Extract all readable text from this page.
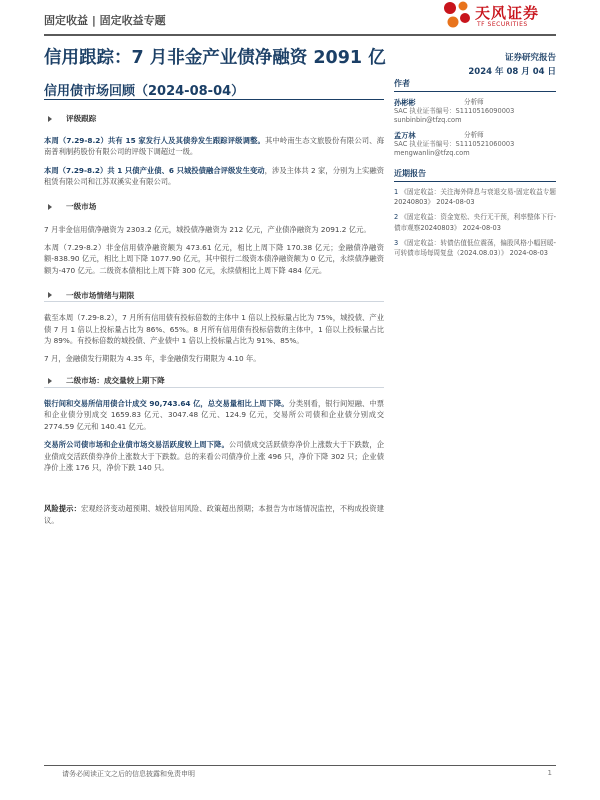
固定收益 | 固定收益专题	天风证券
TF SECURITIES
信用跟踪：7 月非金产业债净融资 2091 亿	证券研究报告
2024 年 08 月 04 日
信用债市场回顾（2024-08-04）
评级跟踪

本周（7.29-8.2）共有 15 家发行人及其债券发生跟踪评级调整。其中岭南生态文旅股份有限公司、海南普利制药股份有限公司的评级下调超过一级。

本周（7.29-8.2）共 1 只债产业债、6 只城投债融合评级发生变动，涉及主体共 2 家，分别为上实融资租赁有限公司和江苏双溪实业有限公司。

一级市场

7 月非金信用债净融资为 2303.2 亿元，城投债净融资为 212 亿元，产业债净融资为 2091.2 亿元。

本周（7.29-8.2）非金信用债净融资额为 473.61 亿元，相比上周下降 170.38 亿元；金融债净融资额-838.90 亿元，相比上周下降 1077.90 亿元，其中银行二级资本债净融资额为 0 亿元，永续债净融资额为-470 亿元。二级资本债相比上周下降 300 亿元，永续债相比上周下降 484 亿元。

一级市场情绪与期限

截至本周（7.29-8.2），7 月所有信用债有投标倍数的主体中 1 倍以上投标量占比为 75%，城投债、产业债 7 月 1 倍以上投标量占比为 86%、65%。8 月所有信用债有投标倍数的主体中，1 倍以上投标量占比为 89%。有投标倍数的城投债、产业债中 1 倍以上投标量占比为 91%、85%。

7 月，金融债发行期限为 4.35 年，非金融债发行期限为 4.10 年。

二级市场：成交量较上期下降

银行间和交易所信用债合计成交 90,743.64 亿，总交易量相比上周下降。分类别看，银行间短融、中票和企业债分别成交 1659.83 亿元、3047.48 亿元、124.9 亿元，交易所公司债和企业债分别成交 2774.59 亿元和 140.41 亿元。

交易所公司债市场和企业债市场交易活跃度较上周下降。公司债成交活跃债券净价上涨数大于下跌数，企业债成交活跃债券净价上涨数大于下跌数。总的来看公司债净价上涨 496 只，净价下降 302 只；企业债净价上涨 176 只，净价下跌 140 只。

风险提示：宏观经济变动超预期、城投信用风险、政策超出预期；本报告为市场情况监控，不构成投资建议。

作者
孙彬彬	分析师
SAC 执业证书编号：S1110516090003
sunbinbin@tfzq.com
孟万林	分析师
SAC 执业证书编号：S1110521060003
mengwanlin@tfzq.com
近期报告
1 《固定收益：关注海外降息与衰退交易-固定收益专题 20240803》 2024-08-03
2 《固定收益：资金宽松、央行无干预，利率整体下行-债市观察20240803》 2024-08-03
3 《固定收益：转债估值低位震荡，偏股风格小幅回暖-可转债市场每周复盘（2024.08.03）》 2024-08-03
请务必阅读正文之后的信息披露和免责申明	1
